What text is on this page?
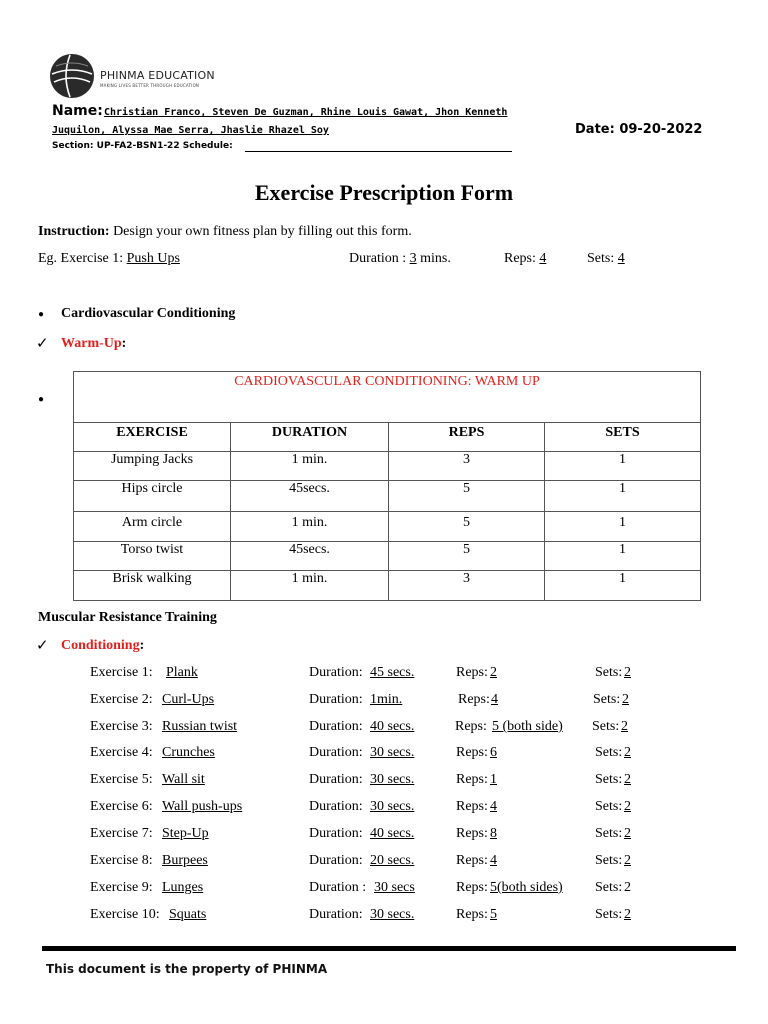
PHINMA EDUCATION
MAKING LIVES BETTER THROUGH EDUCATION
Name: Christian Franco, Steven De Guzman, Rhine Louis Gawat, Jhon Kenneth
Juquilon, Alyssa Mae Serra, Jhaslie Rhazel Soy	Date: 09-20-2022
Section: UP-FA2-BSN1-22 Schedule:
Exercise Prescription Form
Instruction: Design your own fitness plan by filling out this form.
Eg. Exercise 1: Push Ups	Duration : 3 mins.	Reps: 4	Sets: 4
● Cardiovascular Conditioning
✓ Warm-Up:
●
CARDIOVASCULAR CONDITIONING: WARM UP			
EXERCISE	DURATION	REPS	SETS
Jumping Jacks	1 min.	3	1
Hips circle	45secs.	5	1
Arm circle	1 min.	5	1
Torso twist	45secs.	5	1
Brisk walking	1 min.	3	1
Muscular Resistance Training
✓ Conditioning:
Exercise 1: Plank	Duration: 45 secs.	Reps: 2	Sets: 2
Exercise 2: Curl-Ups	Duration: 1min.	Reps: 4	Sets: 2
Exercise 3: Russian twist	Duration: 40 secs.	Reps: 5 (both side) Sets: 2
Exercise 4: Crunches	Duration: 30 secs.	Reps: 6	Sets: 2
Exercise 5: Wall sit	Duration: 30 secs.	Reps: 1	Sets: 2
Exercise 6: Wall push-ups	Duration: 30 secs.	Reps: 4	Sets: 2
Exercise 7: Step-Up	Duration: 40 secs.	Reps: 8	Sets: 2
Exercise 8: Burpees	Duration: 20 secs.	Reps: 4	Sets: 2
Exercise 9: Lunges	Duration : 30 secs	Reps: 5(both sides) Sets: 2
Exercise 10: Squats	Duration: 30 secs.	Reps: 5	Sets: 2
This document is the property of PHINMA
